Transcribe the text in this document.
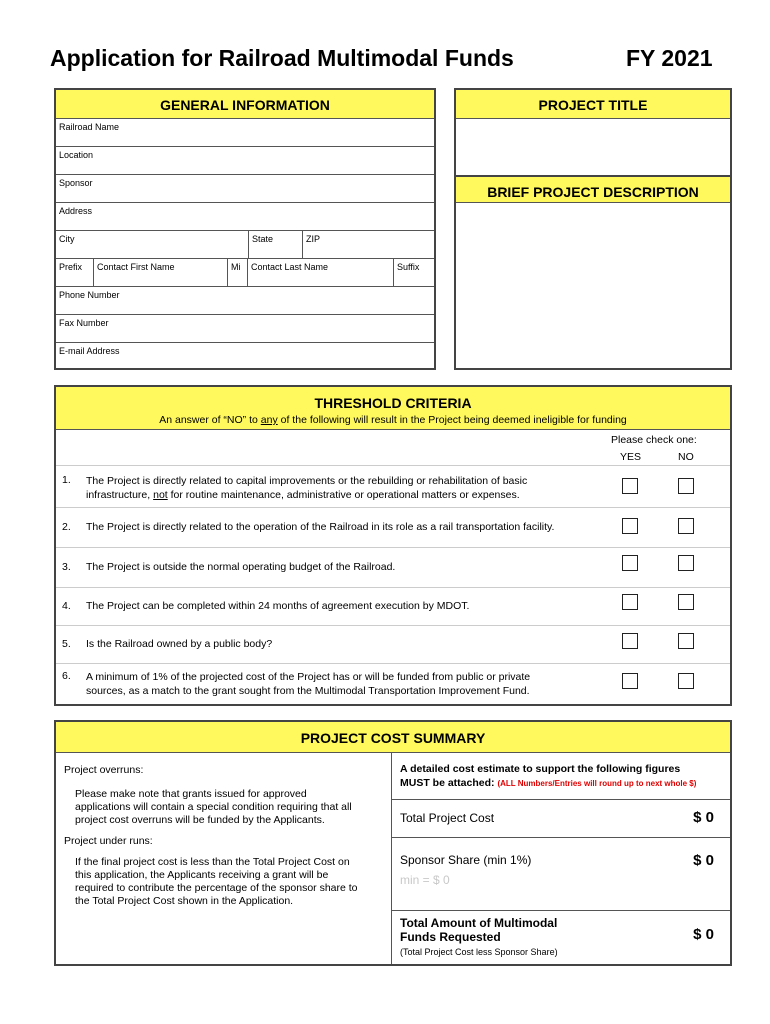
Application for Railroad Multimodal Funds	FY 2021
GENERAL INFORMATION
Railroad Name
Location
Sponsor
Address
City	State	ZIP
Prefix	Contact First Name	Mi	Contact Last Name	Suffix
Phone Number
Fax Number
E-mail Address
PROJECT TITLE
BRIEF PROJECT DESCRIPTION
THRESHOLD CRITERIA
An answer of “NO” to any of the following will result in the Project being deemed ineligible for funding
Please check one:
YES	NO
1. The Project is directly related to capital improvements or the rebuilding or rehabilitation of basic
infrastructure, not for routine maintenance, administrative or operational matters or expenses.
2. The Project is directly related to the operation of the Railroad in its role as a rail transportation facility.
3. The Project is outside the normal operating budget of the Railroad.
4. The Project can be completed within 24 months of agreement execution by MDOT.
5. Is the Railroad owned by a public body?
6. A minimum of 1% of the projected cost of the Project has or will be funded from public or private
sources, as a match to the grant sought from the Multimodal Transportation Improvement Fund.
PROJECT COST SUMMARY
Project overruns:
Please make note that grants issued for approved
applications will contain a special condition requiring that all
project cost overruns will be funded by the Applicants.
Project under runs:
If the final project cost is less than the Total Project Cost on
this application, the Applicants receiving a grant will be
required to contribute the percentage of the sponsor share to
the Total Project Cost shown in the Application.
A detailed cost estimate to support the following figures
MUST be attached: (ALL Numbers/Entries will round up to next whole $)
Total Project Cost	$ 0
Sponsor Share (min 1%)	$ 0
min = $ 0
Total Amount of Multimodal
Funds Requested
(Total Project Cost less Sponsor Share)
$ 0
